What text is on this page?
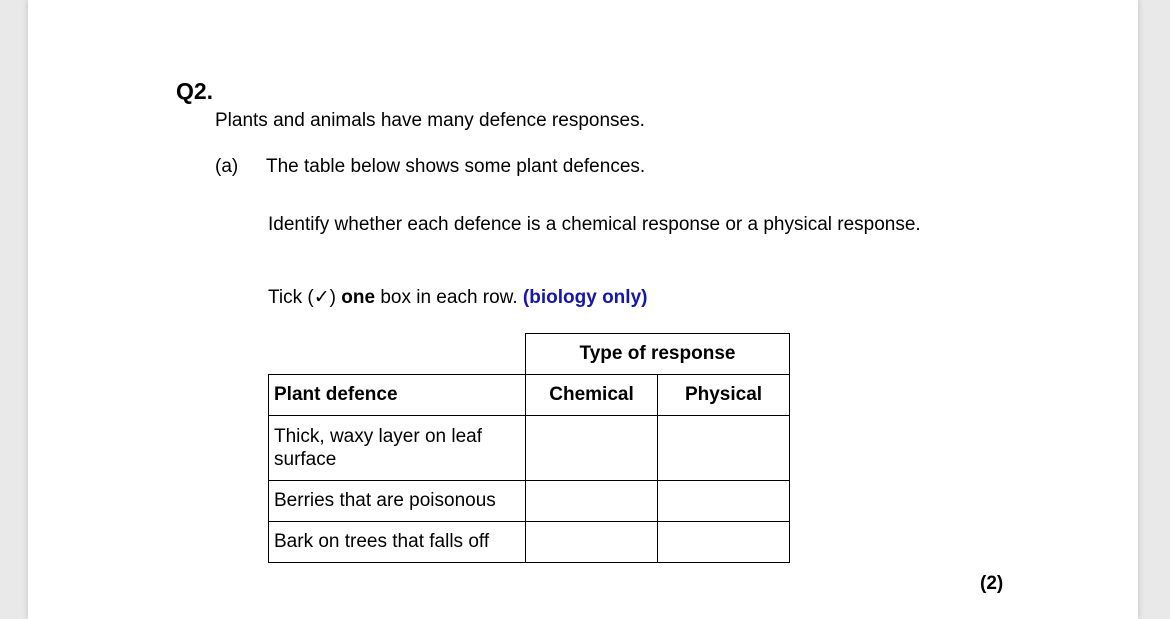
Q2.
Plants and animals have many defence responses.
(a) The table below shows some plant defences.
Identify whether each defence is a chemical response or a physical response.
Tick (✓) one box in each row. (biology only)
	Type of response	
Plant defence	Chemical	Physical
Thick, waxy layer on leaf surface		
Berries that are poisonous		
Bark on trees that falls off		
(2)
